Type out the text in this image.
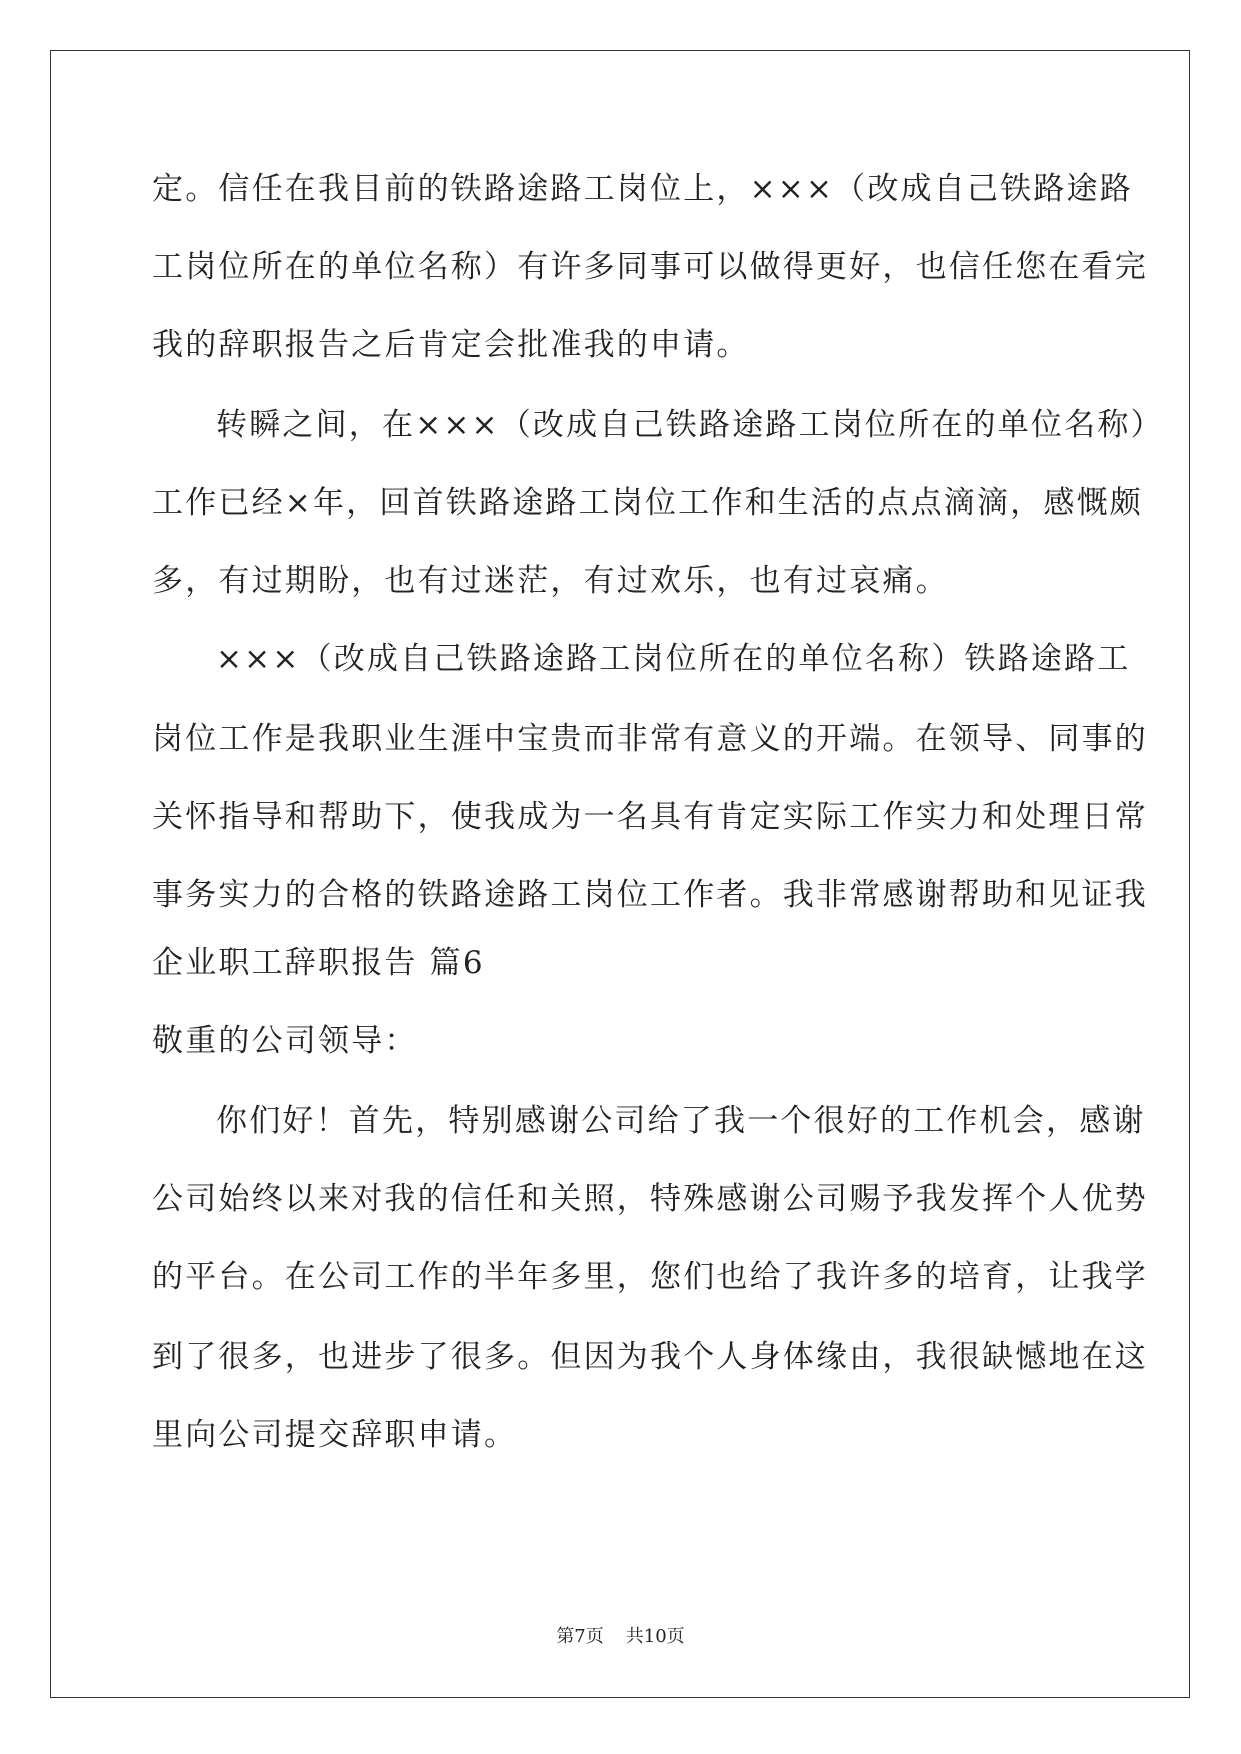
定。信任在我目前的铁路途路工岗位上，×××（改成自己铁路途路
工岗位所在的单位名称）有许多同事可以做得更好，也信任您在看完
我的辞职报告之后肯定会批准我的申请。
转瞬之间，在×××（改成自己铁路途路工岗位所在的单位名称）
工作已经×年，回首铁路途路工岗位工作和生活的点点滴滴，感慨颇
多，有过期盼，也有过迷茫，有过欢乐，也有过哀痛。
×××（改成自己铁路途路工岗位所在的单位名称）铁路途路工
岗位工作是我职业生涯中宝贵而非常有意义的开端。在领导、同事的
关怀指导和帮助下，使我成为一名具有肯定实际工作实力和处理日常
事务实力的合格的铁路途路工岗位工作者。我非常感谢帮助和见证我
企业职工辞职报告 篇6
敬重的公司领导：
你们好！首先，特别感谢公司给了我一个很好的工作机会，感谢
公司始终以来对我的信任和关照，特殊感谢公司赐予我发挥个人优势
的平台。在公司工作的半年多里，您们也给了我许多的培育，让我学
到了很多，也进步了很多。但因为我个人身体缘由，我很缺憾地在这
里向公司提交辞职申请。
第7页 共10页
